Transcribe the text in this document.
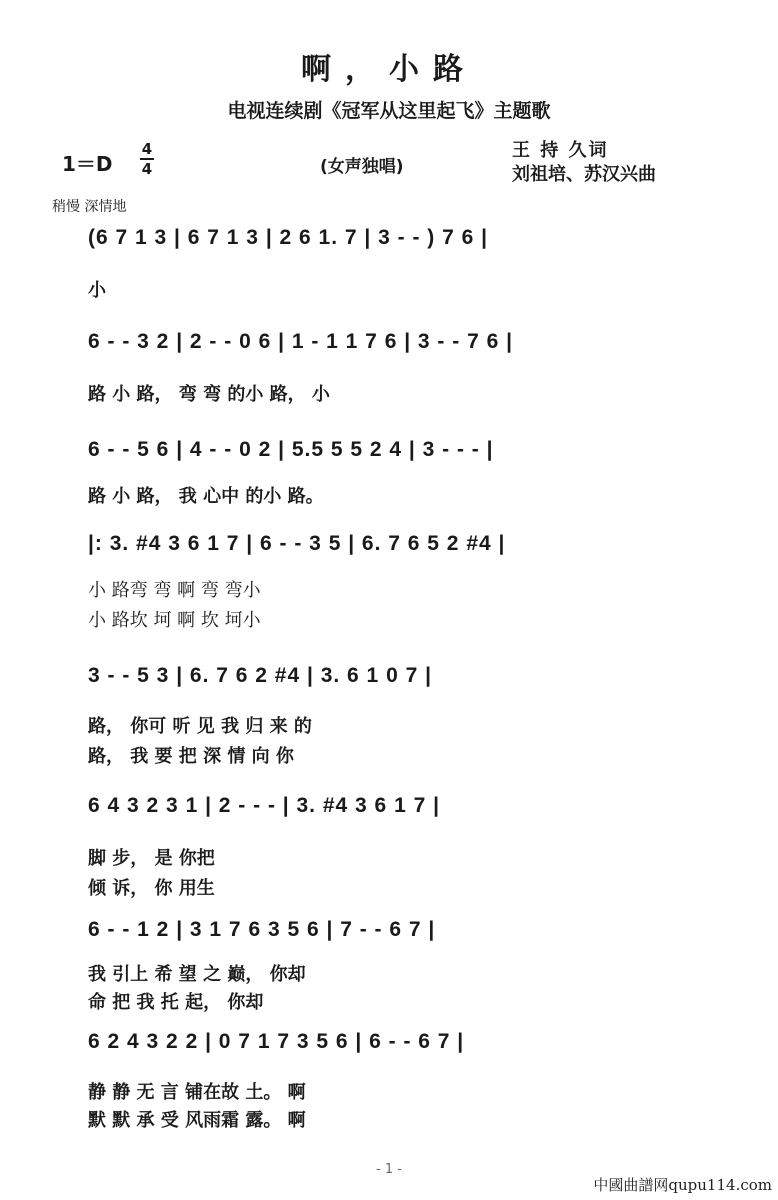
啊，小路
电视连续剧《冠军从这里起飞》主题歌
1＝D
4
4	(女声独唱)
王 持 久词
刘祖培、苏汉兴曲
稍慢 深情地
(6 7 1 3 | 6 7 1 3 | 2 6 1. 7 | 3 - - ) 7 6 |
小
6 - - 3 2 | 2 - - 0 6 | 1 - 1 1 7 6 | 3 - - 7 6 |
路 小 路， 弯 弯 的小 路， 小
6 - - 5 6 | 4 - - 0 2 | 5.5 5 5 2 4 | 3 - - - |
路 小 路， 我 心中 的小 路。
|: 3. #4 3 6 1 7 | 6 - - 3 5 | 6. 7 6 5 2 #4 |
小 路弯 弯 啊 弯 弯小
小 路坎 坷 啊 坎 坷小
3 - - 5 3 | 6. 7 6 2 #4 | 3. 6 1 0 7 |
路， 你可 听 见 我 归 来 的
路， 我 要 把 深 情 向 你
6 4 3 2 3 1 | 2 - - - | 3. #4 3 6 1 7 |
脚 步， 是 你把
倾 诉， 你 用生
6 - - 1 2 | 3 1 7 6 3 5 6 | 7 - - 6 7 |
我 引上 希 望 之 巅， 你却
命 把 我 托 起， 你却
6 2 4 3 2 2 | 0 7 1 7 3 5 6 | 6 - - 6 7 |
静 静 无 言 铺在故 土。 啊
默 默 承 受 风雨霜 露。 啊
- 1 -
中國曲譜网qupu114.com
